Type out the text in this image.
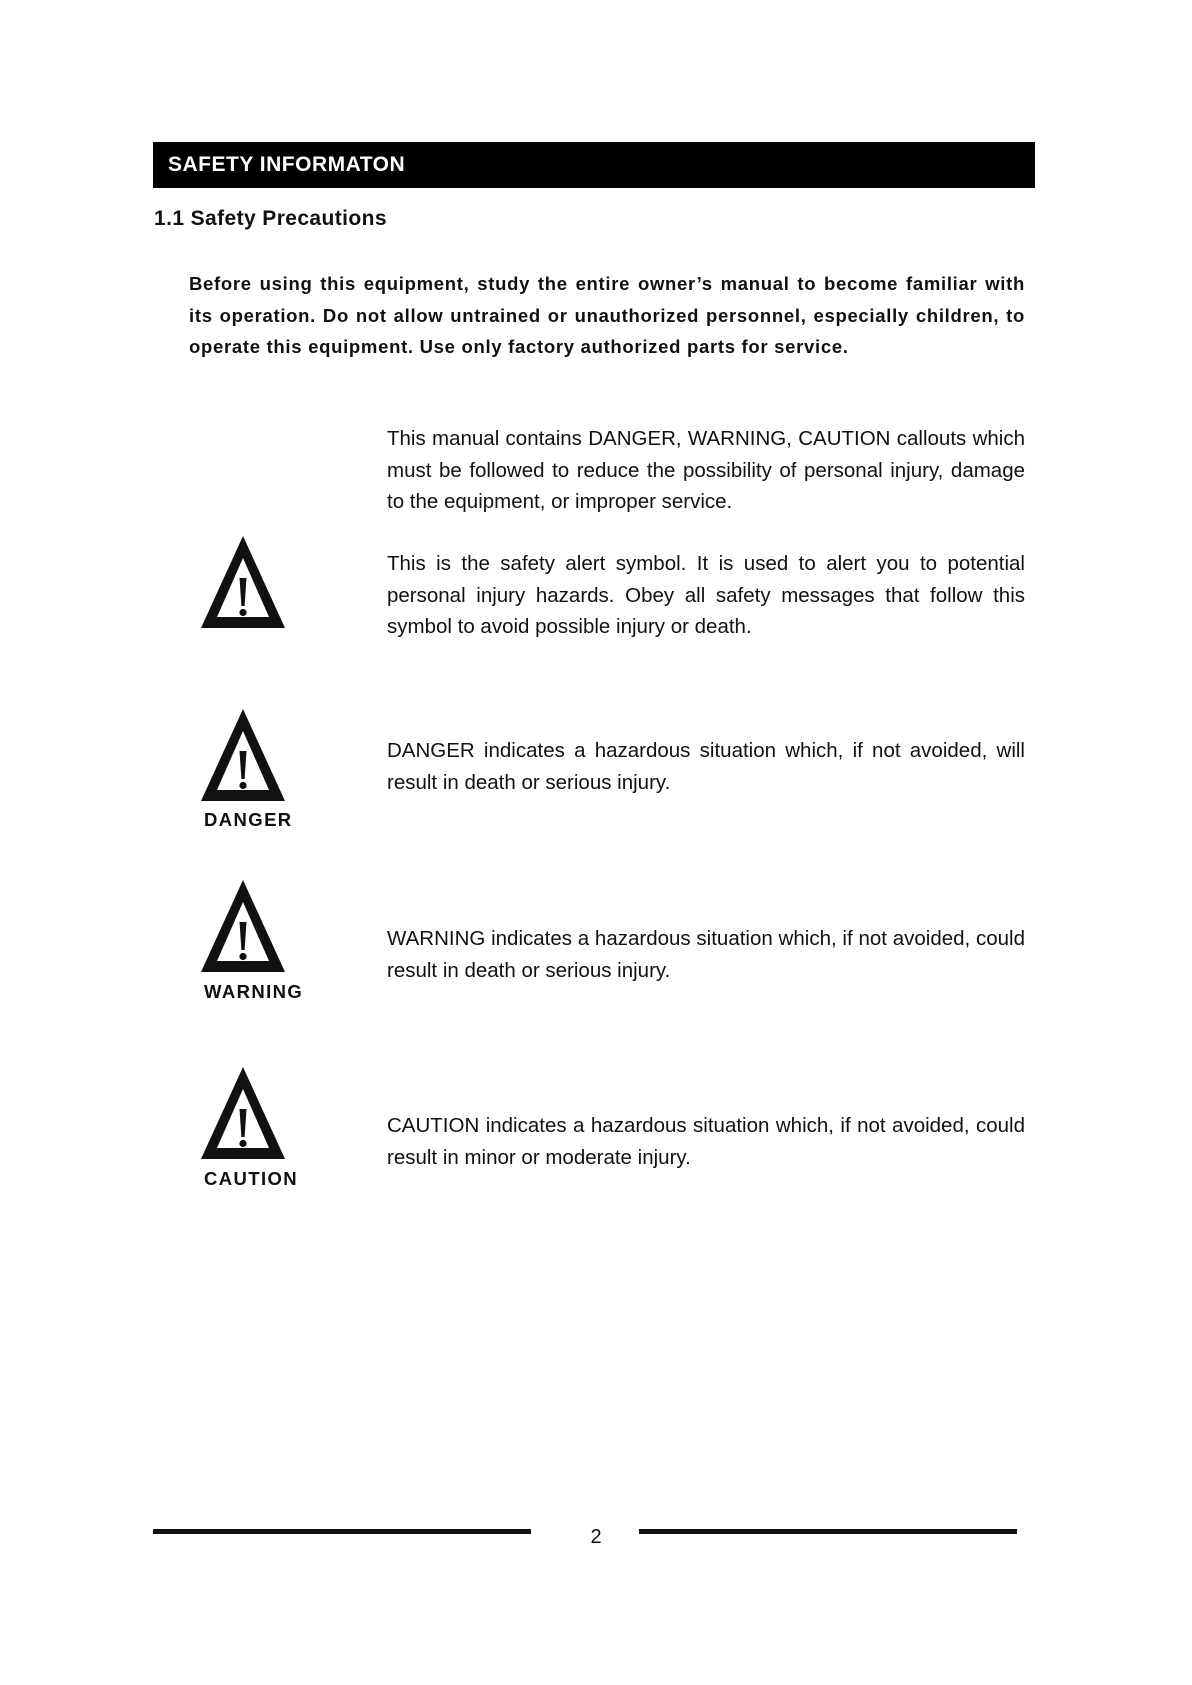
SAFETY INFORMATON
1.1 Safety Precautions
Before using this equipment, study the entire owner’s manual to become familiar with its operation. Do not allow untrained or unauthorized personnel, especially children, to operate this equipment. Use only factory authorized parts for service.
This manual contains DANGER, WARNING, CAUTION callouts which must be followed to reduce the possibility of personal injury, damage to the equipment, or improper service.
This is the safety alert symbol. It is used to alert you to potential personal injury hazards. Obey all safety messages that follow this symbol to avoid possible injury or death.
DANGER
DANGER indicates a hazardous situation which, if not avoided, will result in death or serious injury.
WARNING
WARNING indicates a hazardous situation which, if not avoided, could result in death or serious injury.
CAUTION
CAUTION indicates a hazardous situation which, if not avoided, could result in minor or moderate injury.
2
